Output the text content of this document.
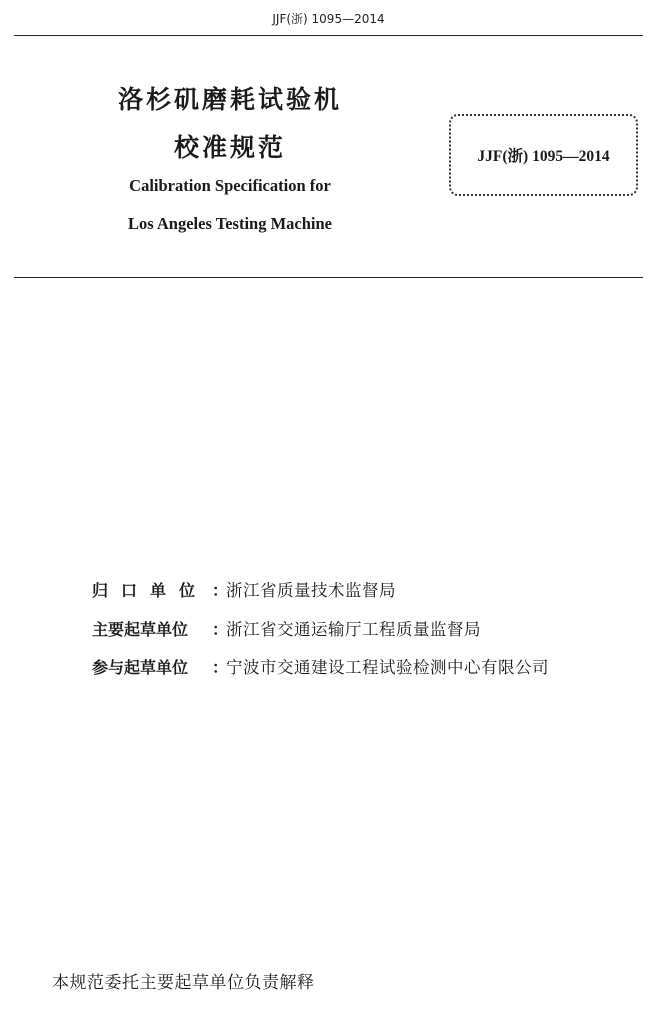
JJF(浙) 1095—2014
洛杉矶磨耗试验机
校准规范
Calibration Specification for
Los Angeles Testing Machine
JJF(浙) 1095—2014
归口单位 ：浙江省质量技术监督局
主要起草单位 ：浙江省交通运输厅工程质量监督局
参与起草单位 ：宁波市交通建设工程试验检测中心有限公司
本规范委托主要起草单位负责解释
